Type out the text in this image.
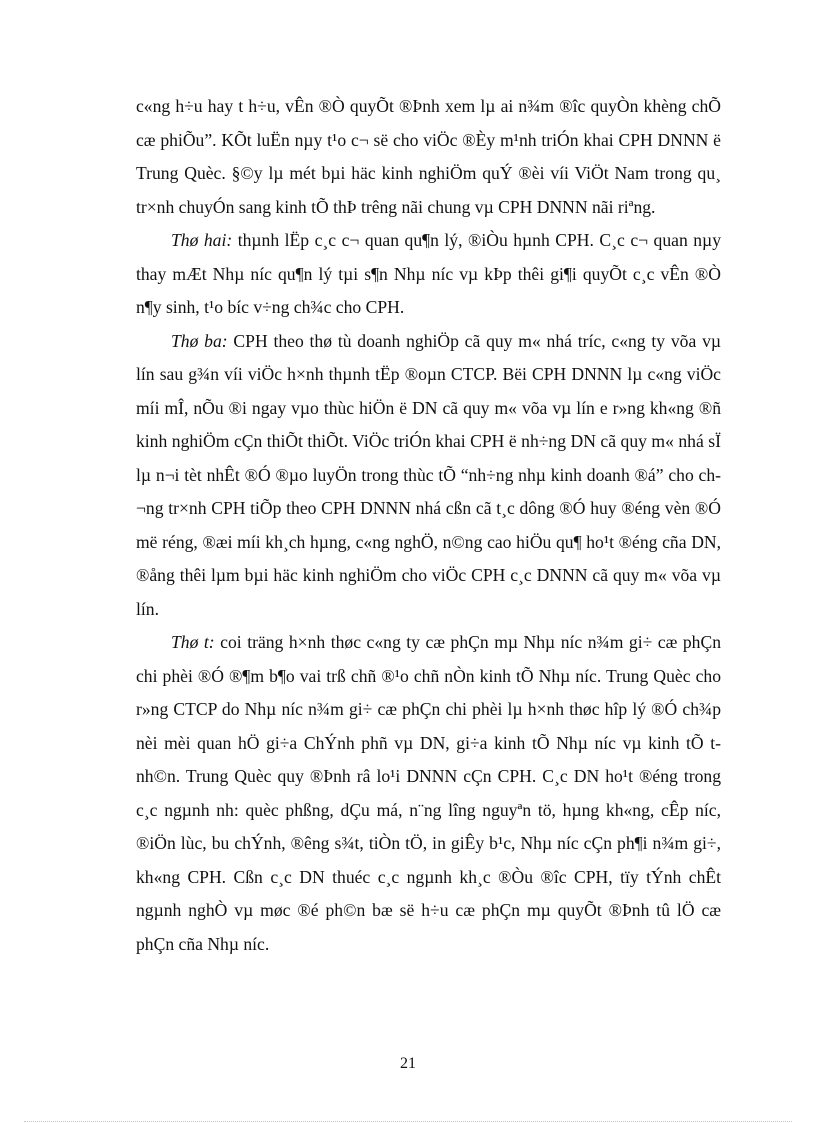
c«ng h÷u hay t h÷u, vÊn ®Ò quyÕt ®Þnh xem lµ ai n¾m ®îc quyÒn khèng chÕ cæ phiÕu”. KÕt luËn nµy t¹o c¬ së cho viÖc ®Èy m¹nh triÓn khai CPH DNNN ë Trung Quèc. §©y lµ mét bµi häc kinh nghiÖm quÝ ®èi víi ViÖt Nam trong qu¸ tr×nh chuyÓn sang kinh tÕ thÞ trêng nãi chung vµ CPH DNNN nãi riªng.

Thø hai: thµnh lËp c¸c c¬ quan qu¶n lý, ®iÒu hµnh CPH. C¸c c¬ quan nµy thay mÆt Nhµ níc qu¶n lý tµi s¶n Nhµ níc vµ kÞp thêi gi¶i quyÕt c¸c vÊn ®Ò n¶y sinh, t¹o bíc v÷ng ch¾c cho CPH.

Thø ba: CPH theo thø tù doanh nghiÖp cã quy m« nhá tríc, c«ng ty võa vµ lín sau g¾n víi viÖc h×nh thµnh tËp ®oµn CTCP. Bëi CPH DNNN lµ c«ng viÖc míi mÎ, nÕu ®i ngay vµo thùc hiÖn ë DN cã quy m« võa vµ lín e r»ng kh«ng ®ñ kinh nghiÖm cÇn thiÕt thiÕt. ViÖc triÓn khai CPH ë nh÷ng DN cã quy m« nhá sÏ lµ n¬i tèt nhÊt ®Ó ®µo luyÖn trong thùc tÕ “nh÷ng nhµ kinh doanh ®á” cho ch¬ng tr×nh CPH tiÕp theo CPH DNNN nhá cßn cã t¸c dông ®Ó huy ®éng vèn ®Ó më réng, ®æi míi kh¸ch hµng, c«ng nghÖ, n©ng cao hiÖu qu¶ ho¹t ®éng cña DN, ®ång thêi lµm bµi häc kinh nghiÖm cho viÖc CPH c¸c DNNN cã quy m« võa vµ lín.

Thø t: coi träng h×nh thøc c«ng ty cæ phÇn mµ Nhµ níc n¾m gi÷ cæ phÇn chi phèi ®Ó ®¶m b¶o vai trß chñ ®¹o chñ nÒn kinh tÕ Nhµ níc. Trung Quèc cho r»ng CTCP do Nhµ níc n¾m gi÷ cæ phÇn chi phèi lµ h×nh thøc hîp lý ®Ó ch¾p nèi mèi quan hÖ gi÷a ChÝnh phñ vµ DN, gi÷a kinh tÕ Nhµ níc vµ kinh tÕ t nh©n. Trung Quèc quy ®Þnh râ lo¹i DNNN cÇn CPH. C¸c DN ho¹t ®éng trong c¸c ngµnh nh: quèc phßng, dÇu má, n¨ng lîng nguyªn tö, hµng kh«ng, cÊp níc, ®iÖn lùc, bu chÝnh, ®êng s¾t, tiÒn tÖ, in giÊy b¹c, Nhµ níc cÇn ph¶i n¾m gi÷, kh«ng CPH. Cßn c¸c DN thuéc c¸c ngµnh kh¸c ®Òu ®îc CPH, tïy tÝnh chÊt ngµnh nghÒ vµ møc ®é ph©n bæ së h÷u cæ phÇn mµ quyÕt ®Þnh tû lÖ cæ phÇn cña Nhµ níc.

21
